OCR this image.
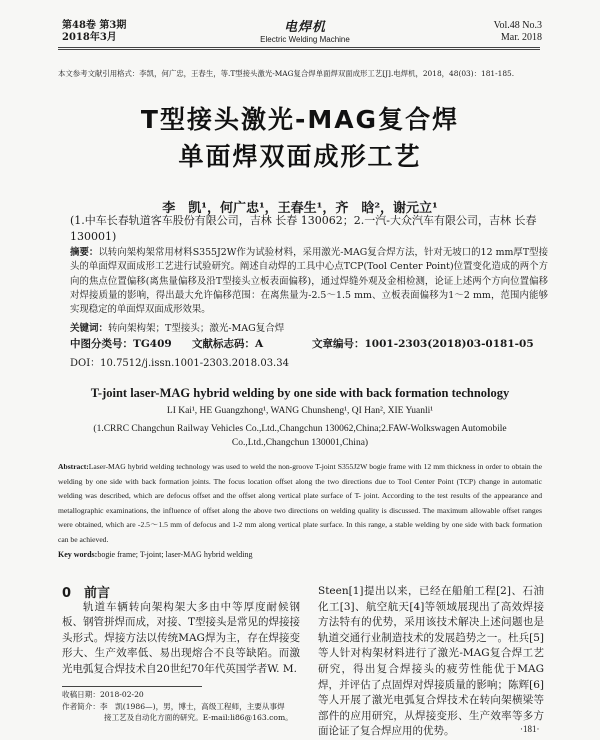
第48卷 第3期
2018年3月
电焊机
Electric Welding Machine
Vol.48 No.3
Mar. 2018
本文参考文献引用格式：李凯，何广忠，王春生，等.T型接头激光-MAG复合焊单面焊双面成形工艺[J].电焊机，2018，48(03)：181-185.
T型接头激光-MAG复合焊
单面焊双面成形工艺
李　凯¹，何广忠¹，王春生¹，齐　晗²，谢元立¹
(1.中车长春轨道客车股份有限公司，吉林 长春 130062；2.一汽-大众汽车有限公司，吉林 长春 130001)
摘要：以转向架构架常用材料S355J2W作为试验材料，采用激光-MAG复合焊方法，针对无坡口的12 mm厚T型接头的单面焊双面成形工艺进行试验研究。阐述自动焊的工具中心点TCP(Tool Center Point)位置变化造成的两个方向的焦点位置偏移(离焦量偏移及沿T型接头立板表面偏移)，通过焊缝外观及金相检测，论证上述两个方向位置偏移对焊接质量的影响，得出最大允许偏移范围：在离焦量为-2.5～1.5 mm、立板表面偏移为1～2 mm，范围内能够实现稳定的单面焊双面成形效果。
关键词：转向架构架；T型接头；激光-MAG复合焊
中图分类号：TG409 文献标志码：A	文章编号：1001-2303(2018)03-0181-05
DOI：10.7512/j.issn.1001-2303.2018.03.34
T-joint laser-MAG hybrid welding by one side with back formation technology
LI Kai¹, HE Guangzhong¹, WANG Chunsheng¹, QI Han², XIE Yuanli¹
(1.CRRC Changchun Railway Vehicles Co.,Ltd.,Changchun 130062,China;2.FAW-Wolkswagen Automobile Co.,Ltd.,Changchun 130001,China)
Abstract:Laser-MAG hybrid welding technology was used to weld the non-groove T-joint S355J2W bogie frame with 12 mm thickness in order to obtain the welding by one side with back formation joints. The focus location offset along the two directions due to Tool Center Point (TCP) change in automatic welding was described, which are defocus offset and the offset along vertical plate surface of T- joint. According to the test results of the appearance and metallographic examinations, the influence of offset along the above two directions on welding quality is discussed. The maximum allowable offset ranges were obtained, which are -2.5～1.5 mm of defocus and 1-2 mm along vertical plate surface. In this range, a stable welding by one side with back formation can be achieved.
Key words:bogie frame; T-joint; laser-MAG hybrid welding
0　前言
轨道车辆转向架构架大多由中等厚度耐候钢板、钢管拼焊而成，对接、T型接头是常见的焊接接头形式。焊接方法以传统MAG焊为主，存在焊接变形大、生产效率低、易出现熔合不良等缺陷。而激光电弧复合焊技术自20世纪70年代英国学者W. M.
Steen[1]提出以来，已经在船舶工程[2]、石油化工[3]、航空航天[4]等领域展现出了高效焊接方法特有的优势，采用该技术解决上述问题也是轨道交通行业制造技术的发展趋势之一。杜兵[5]等人针对构架材料进行了激光-MAG复合焊工艺研究，得出复合焊接头的疲劳性能优于MAG焊，并评估了点固焊对焊接质量的影响；陈辉[6]等人开展了激光电弧复合焊技术在转向架横梁等部件的应用研究，从焊接变形、生产效率等多方面论证了复合焊应用的优势。
收稿日期：2018-02-20
作者简介：李　凯(1986—)，男，博士，高级工程师，主要从事焊
接工艺及自动化方面的研究。E-mail:li86@163.com。
·181·
